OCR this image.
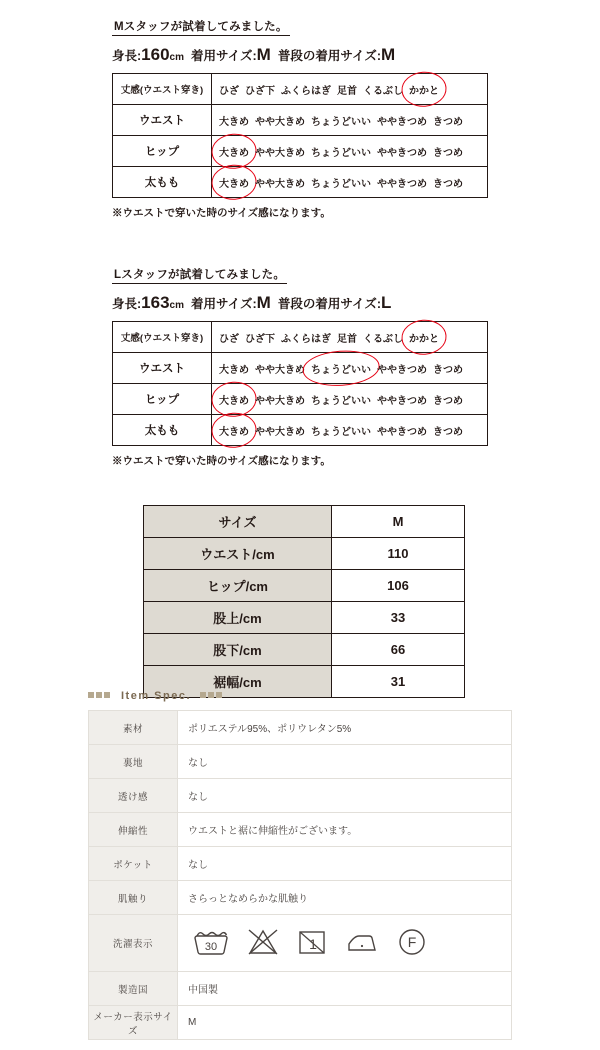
Mスタッフが試着してみました。
身長:160cm 着用サイズ:M 普段の着用サイズ:M
丈感(ウエスト穿き)	ひざ ひざ下 ふくらはぎ 足首 くるぶし かかと
ウエスト	大きめ やや大きめ ちょうどいい ややきつめ きつめ
ヒップ	大きめ やや大きめ ちょうどいい ややきつめ きつめ
太もも	大きめ やや大きめ ちょうどいい ややきつめ きつめ
※ウエストで穿いた時のサイズ感になります。
Lスタッフが試着してみました。
身長:163cm 着用サイズ:M 普段の着用サイズ:L
丈感(ウエスト穿き)	ひざ ひざ下 ふくらはぎ 足首 くるぶし かかと
ウエスト	大きめ やや大きめ ちょうどいい ややきつめ きつめ
ヒップ	大きめ やや大きめ ちょうどいい ややきつめ きつめ
太もも	大きめ やや大きめ ちょうどいい ややきつめ きつめ
※ウエストで穿いた時のサイズ感になります。
サイズ	M
ウエスト/cm	110
ヒップ/cm	106
股上/cm	33
股下/cm	66
裾幅/cm	31
Item Spec.
素材	ポリエステル95%、ポリウレタン5%
裏地	なし
透け感	なし
伸縮性	ウエストと裾に伸縮性がございます。
ポケット	なし
肌触り	さらっとなめらかな肌触り
洗濯表示	30 1 F

製造国	中国製
メーカー表示サイズ	M
